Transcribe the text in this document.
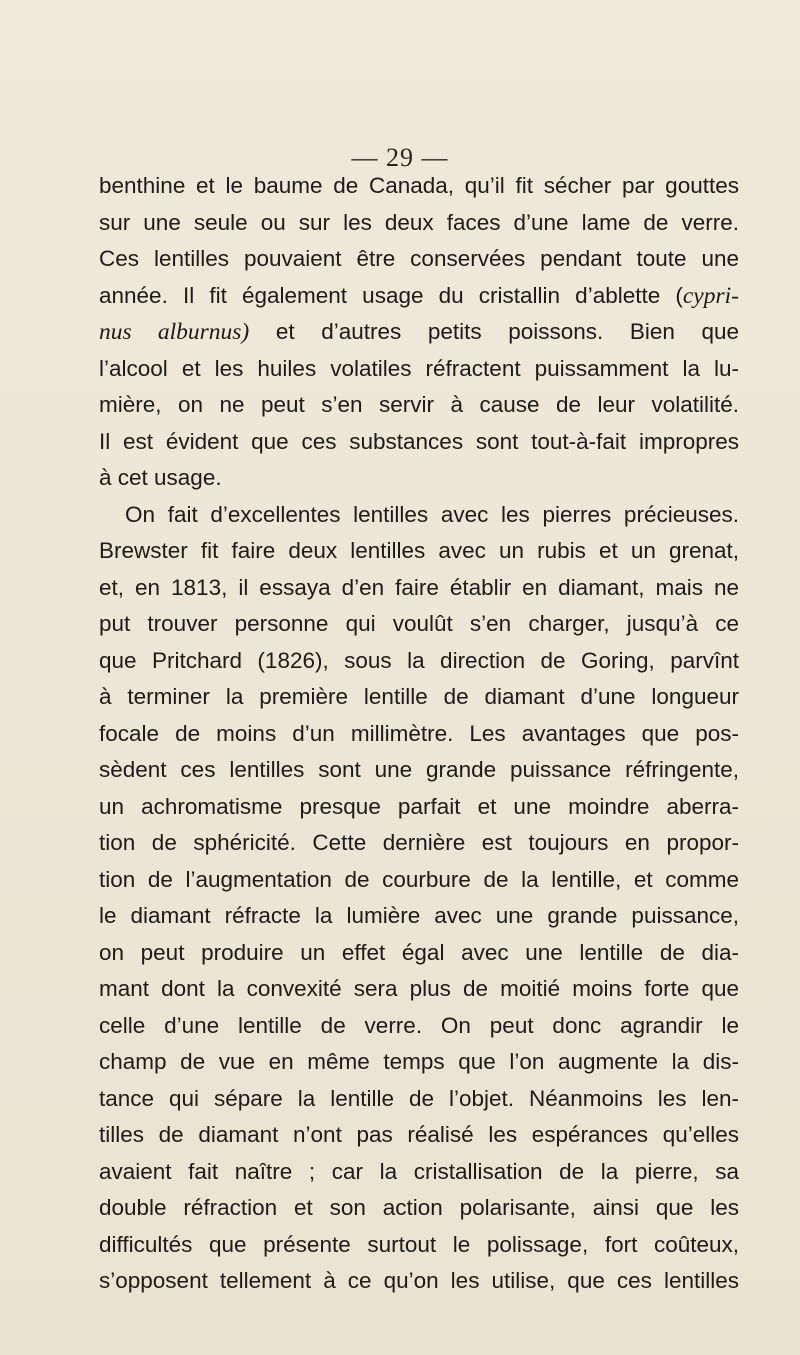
— 29 —
benthine et le baume de Canada, qu’il fit sécher par gouttes
sur une seule ou sur les deux faces d’une lame de verre.
Ces lentilles pouvaient être conservées pendant toute une
année. Il fit également usage du cristallin d’ablette (cypri-
nus alburnus) et d’autres petits poissons. Bien que
l’alcool et les huiles volatiles réfractent puissamment la lu-
mière, on ne peut s’en servir à cause de leur volatilité.
Il est évident que ces substances sont tout-à-fait impropres
à cet usage.
On fait d’excellentes lentilles avec les pierres précieuses.
Brewster fit faire deux lentilles avec un rubis et un grenat,
et, en 1813, il essaya d’en faire établir en diamant, mais ne
put trouver personne qui voulût s’en charger, jusqu’à ce
que Pritchard (1826), sous la direction de Goring, parvînt
à terminer la première lentille de diamant d’une longueur
focale de moins d’un millimètre. Les avantages que pos-
sèdent ces lentilles sont une grande puissance réfringente,
un achromatisme presque parfait et une moindre aberra-
tion de sphéricité. Cette dernière est toujours en propor-
tion de l’augmentation de courbure de la lentille, et comme
le diamant réfracte la lumière avec une grande puissance,
on peut produire un effet égal avec une lentille de dia-
mant dont la convexité sera plus de moitié moins forte que
celle d’une lentille de verre. On peut donc agrandir le
champ de vue en même temps que l’on augmente la dis-
tance qui sépare la lentille de l’objet. Néanmoins les len-
tilles de diamant n’ont pas réalisé les espérances qu’elles
avaient fait naître ; car la cristallisation de la pierre, sa
double réfraction et son action polarisante, ainsi que les
difficultés que présente surtout le polissage, fort coûteux,
s’opposent tellement à ce qu’on les utilise, que ces lentilles
